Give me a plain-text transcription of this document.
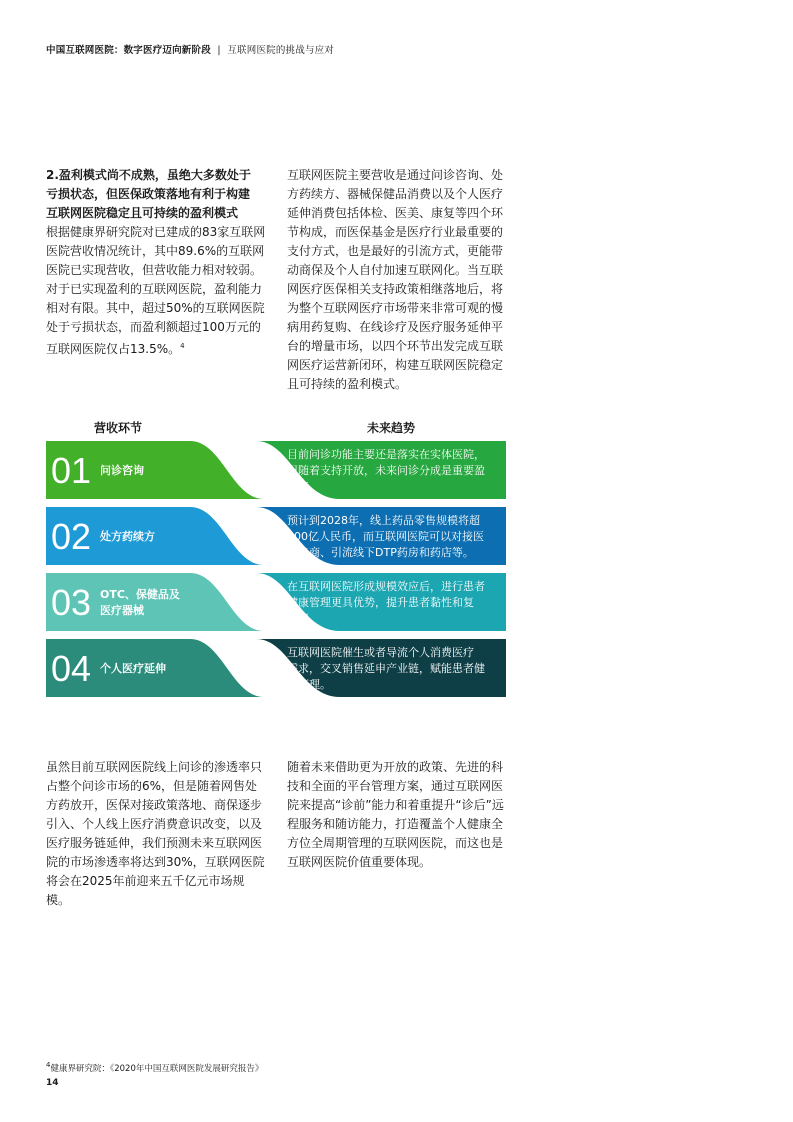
中国互联网医院：数字医疗迈向新阶段 | 互联网医院的挑战与应对
2.盈利模式尚不成熟，虽绝大多数处于
亏损状态，但医保政策落地有利于构建
互联网医院稳定且可持续的盈利模式
根据健康界研究院对已建成的83家互联网医院营收情况统计，其中89.6%的互联网医院已实现营收，但营收能力相对较弱。对于已实现盈利的互联网医院，盈利能力相对有限。其中，超过50%的互联网医院处于亏损状态，而盈利额超过100万元的互联网医院仅占13.5%。$^4$
互联网医院主要营收是通过问诊咨询、处方药续方、器械保健品消费以及个人医疗延伸消费包括体检、医美、康复等四个环节构成，而医保基金是医疗行业最重要的支付方式，也是最好的引流方式，更能带动商保及个人自付加速互联网化。当互联网医疗医保相关支持政策相继落地后，将为整个互联网医疗市场带来非常可观的慢病用药复购、在线诊疗及医疗服务延伸平台的增量市场，以四个环节出发完成互联网医疗运营新闭环，构建互联网医院稳定且可持续的盈利模式。
营收环节	未来趋势
01 问诊咨询
目前问诊功能主要还是落实在实体医院，
但随着支持开放，未来问诊分成是重要盈
利点。
02 处方药续方
预计到2028年，线上药品零售规模将超
500亿人民币，而互联网医院可以对接医
药电商、引流线下DTP药房和药店等。
03 OTC、保健品及
医疗器械
在互联网医院形成规模效应后，进行患者
健康管理更具优势，提升患者黏性和复
购率。
04 个人医疗延伸
互联网医院催生或者导流个人消费医疗
需求，交叉销售延申产业链，赋能患者健
康管理。
虽然目前互联网医院线上问诊的渗透率只占整个问诊市场的6%，但是随着网售处方药放开，医保对接政策落地、商保逐步引入、个人线上医疗消费意识改变，以及医疗服务链延伸，我们预测未来互联网医院的市场渗透率将达到30%，互联网医院将会在2025年前迎来五千亿元市场规模。
随着未来借助更为开放的政策、先进的科技和全面的平台管理方案，通过互联网医院来提高“诊前”能力和着重提升“诊后”远程服务和随访能力，打造覆盖个人健康全方位全周期管理的互联网医院，而这也是互联网医院价值重要体现。
$^4$健康界研究院：《2020年中国互联网医院发展研究报告》
14
